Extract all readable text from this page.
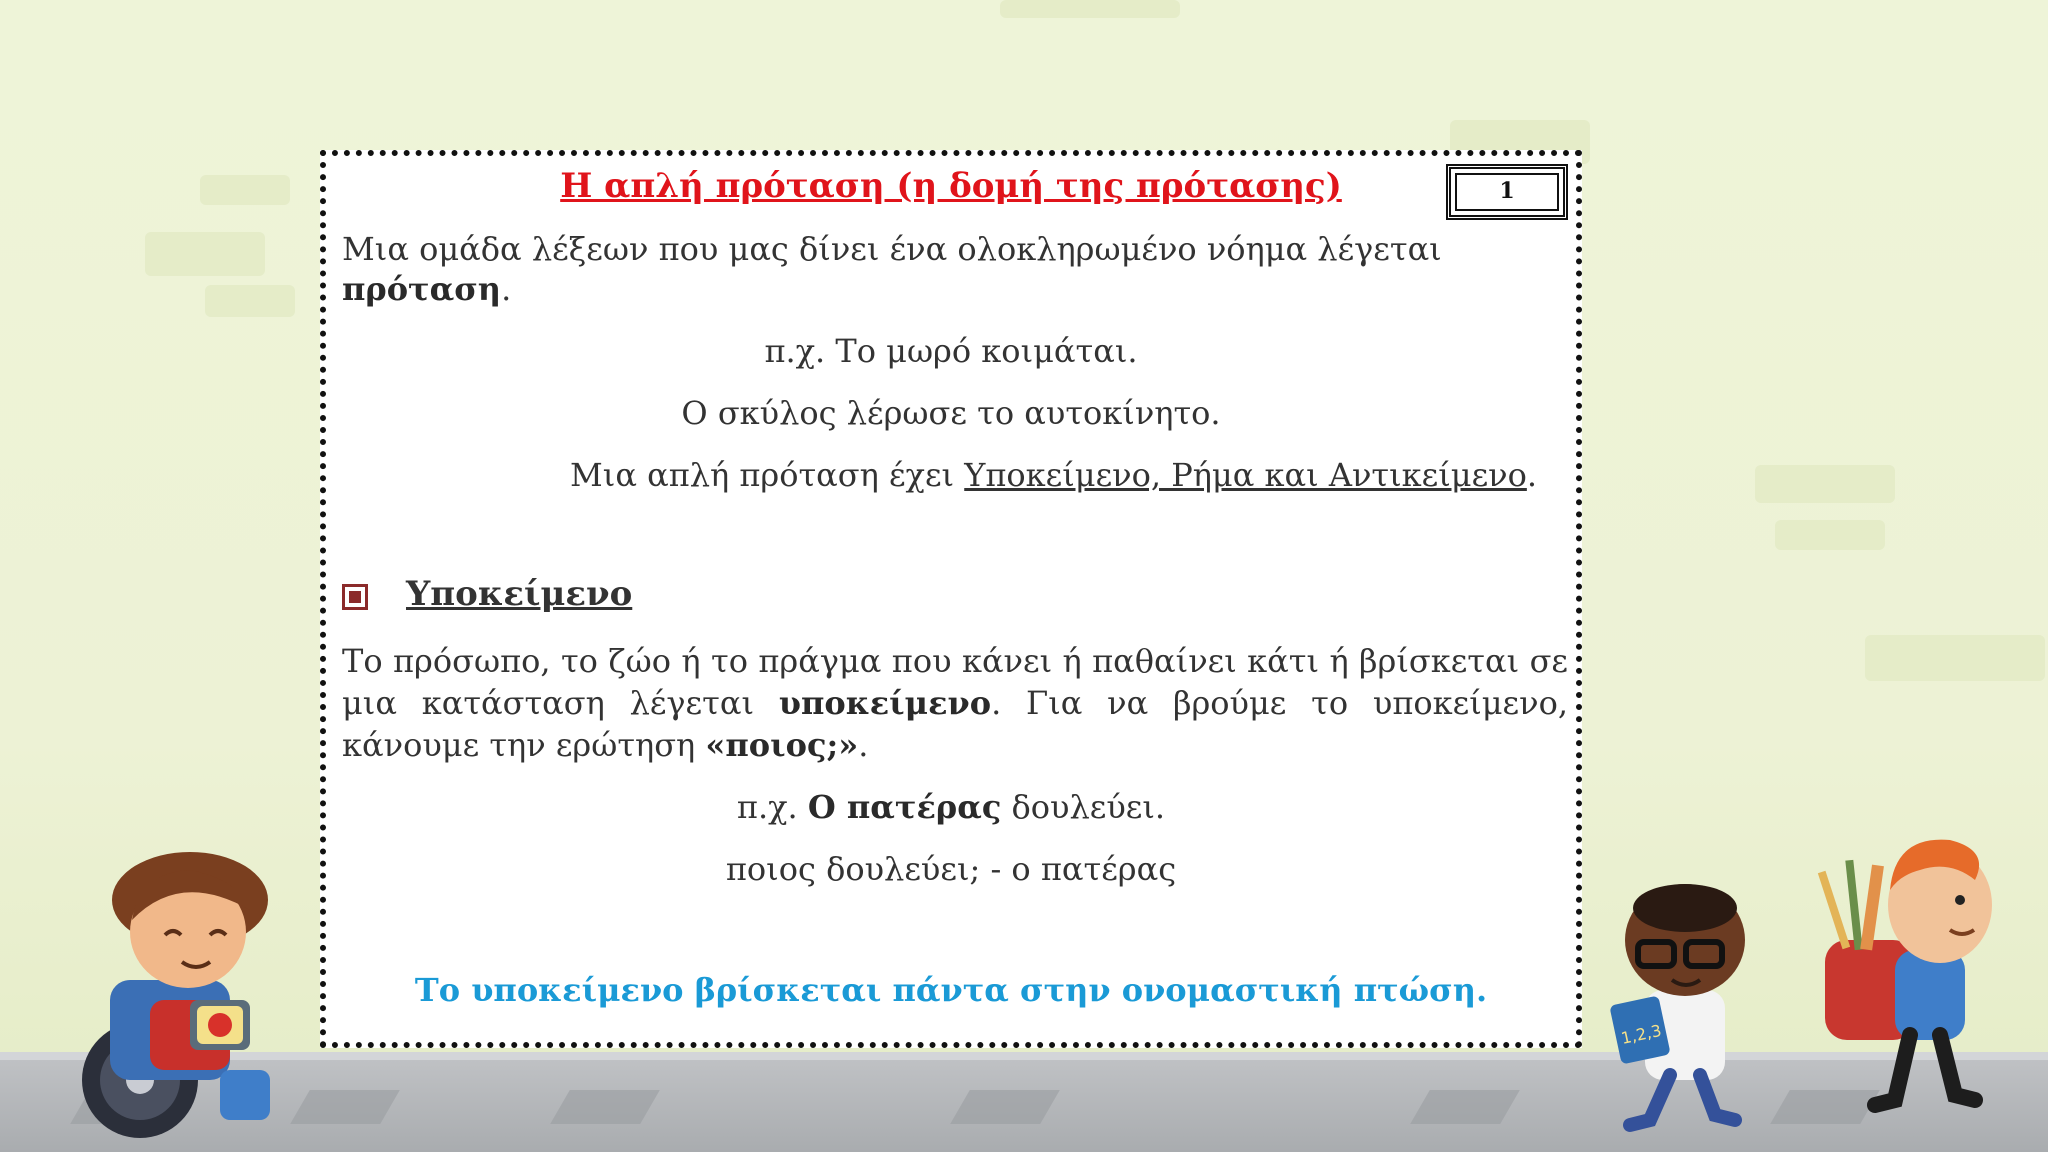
Η απλή πρόταση (η δομή της πρότασης)	1
Μια ομάδα λέξεων που μας δίνει ένα ολοκληρωμένο νόημα λέγεται
πρόταση.
π.χ. Το μωρό κοιμάται.
Ο σκύλος λέρωσε το αυτοκίνητο.
Μια απλή πρόταση έχει Υποκείμενο, Ρήμα και Αντικείμενο.
Υποκείμενο
Το πρόσωπο, το ζώο ή το πράγμα που κάνει ή παθαίνει κάτι ή βρίσκεται σε μια κατάσταση λέγεται υποκείμενο. Για να βρούμε το υποκείμενο, κάνουμε την ερώτηση «ποιος;».
π.χ. Ο πατέρας δουλεύει.
ποιος δουλεύει; - ο πατέρας
Το υποκείμενο βρίσκεται πάντα στην ονομαστική πτώση.
1,2,3
